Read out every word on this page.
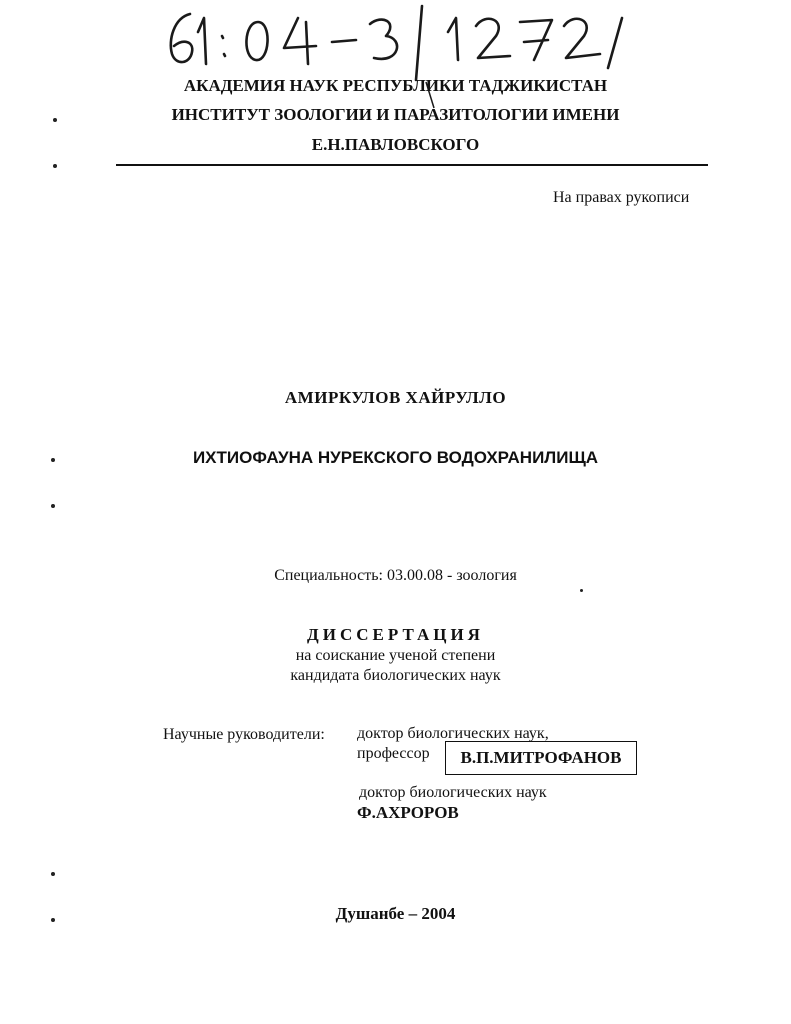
АКАДЕМИЯ НАУК РЕСПУБЛИКИ ТАДЖИКИСТАН
ИНСТИТУТ ЗООЛОГИИ И ПАРАЗИТОЛОГИИ ИМЕНИ
Е.Н.ПАВЛОВСКОГО
На правах рукописи
АМИРКУЛОВ ХАЙРУЛЛО
ИХТИОФАУНА НУРЕКСКОГО ВОДОХРАНИЛИЩА
Специальность: 03.00.08 - зоология
ДИССЕРТАЦИЯ
на соискание ученой степени
кандидата биологических наук
Научные руководители: доктор биологических наук,
профессор	В.П.МИТРОФАНОВ
доктор биологических наук
Ф.АХРОРОВ
Душанбе – 2004
